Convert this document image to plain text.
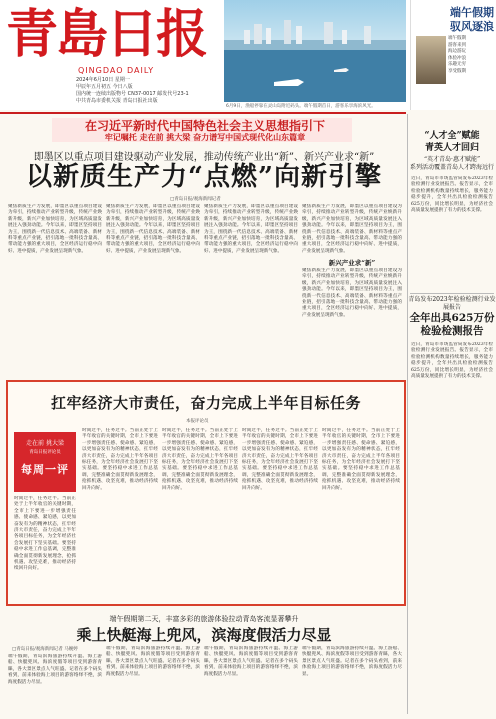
青島日报
QINGDAO DAILY
2024年6月10日 星期一
甲辰年五月初五 今日八版
国内统一连续出版物号 CN37-0017 邮发代号23-1
中共青岛市委机关报 青岛日报社出版
6月9日，渔船停靠在灵山岛附近码头。端午假期首日，游客乐享海滨风光。
端午假期
驭风逐浪
端午假期
游客来到
海边游玩
体验冲浪
乐趣无穷
享受假期
在习近平新时代中国特色社会主义思想指引下
牢记嘱托 走在前 挑大梁 奋力谱写中国式现代化山东篇章
即墨区以重点项目建设驱动产业发展，推动传统产业出“新”、新兴产业求“新”
以新质生产力“点燃”向新引擎
□青岛日报/观海新闻记者
聚焦新质生产力发展，即墨区以重点项目建设为牵引，持续推动产业转型升级，传统产业焕新升级，新兴产业加快培育，为区域高质量发展注入强劲动能。今年以来，即墨区坚持项目为王，围绕新一代信息技术、高端装备、新材料等重点产业链，招引落地一批科技含量高、带动能力强的重大项目，全区经济运行稳中向好、进中提质，产业发展呈现新气象。
聚焦新质生产力发展，即墨区以重点项目建设为牵引，持续推动产业转型升级，传统产业焕新升级，新兴产业加快培育，为区域高质量发展注入强劲动能。今年以来，即墨区坚持项目为王，围绕新一代信息技术、高端装备、新材料等重点产业链，招引落地一批科技含量高、带动能力强的重大项目，全区经济运行稳中向好、进中提质，产业发展呈现新气象。
聚焦新质生产力发展，即墨区以重点项目建设为牵引，持续推动产业转型升级，传统产业焕新升级，新兴产业加快培育，为区域高质量发展注入强劲动能。今年以来，即墨区坚持项目为王，围绕新一代信息技术、高端装备、新材料等重点产业链，招引落地一批科技含量高、带动能力强的重大项目，全区经济运行稳中向好、进中提质，产业发展呈现新气象。
新兴产业求“新”
聚焦新质生产力发展，即墨区以重点项目建设为牵引，持续推动产业转型升级，传统产业焕新升级，新兴产业加快培育，为区域高质量发展注入强劲动能。今年以来，即墨区坚持项目为王，围绕新一代信息技术、高端装备、新材料等重点产业链，招引落地一批科技含量高、带动能力强的重大项目，全区经济运行稳中向好、进中提质，产业发展呈现新气象。
聚焦新质生产力发展，即墨区以重点项目建设为牵引，持续推动产业转型升级，传统产业焕新升级，新兴产业加快培育，为区域高质量发展注入强劲动能。今年以来，即墨区坚持项目为王，围绕新一代信息技术、高端装备、新材料等重点产业链，招引落地一批科技含量高、带动能力强的重大项目，全区经济运行稳中向好、进中提质，产业发展呈现新气象。
“人才全”赋能
青英人才回归
“英才青岛·惠才赋能”
系列活动覆盖青岛人才跨海远行
近日，青岛市市场监管局发布2023年检验检测行业发展报告。报告显示，全市检验检测机构数量持续增长，服务能力稳步提升，全年共出具检验检测报告625万份，同比增长明显，为经济社会高质量发展提供了有力的技术支撑。
青岛发布2023年检验检测行业发展报告
全年出具625万份
检验检测报告
近日，青岛市市场监管局发布2023年检验检测行业发展报告。报告显示，全市检验检测机构数量持续增长，服务能力稳步提升，全年共出具检验检测报告625万份，同比增长明显，为经济社会高质量发展提供了有力的技术支撑。
扛牢经济大市责任，奋力完成上半年目标任务
本报评论员
走在前 挑大梁
青岛日报评论员
每周一评
时间过半，任务过半。当前正处于上半年收官的关键时期，全市上下要进一步增强责任感、使命感、紧迫感，以更加奋发有为的精神状态，扛牢经济大市责任，奋力完成上半年各项目标任务，为全年经济社会发展打下坚实基础。要坚持稳中求进工作总基调，完整准确全面贯彻新发展理念，抢抓机遇、攻坚克难，推动经济持续回升向好。
时间过半，任务过半。当前正处于上半年收官的关键时期，全市上下要进一步增强责任感、使命感、紧迫感，以更加奋发有为的精神状态，扛牢经济大市责任，奋力完成上半年各项目标任务，为全年经济社会发展打下坚实基础。要坚持稳中求进工作总基调，完整准确全面贯彻新发展理念，抢抓机遇、攻坚克难，推动经济持续回升向好。
时间过半，任务过半。当前正处于上半年收官的关键时期，全市上下要进一步增强责任感、使命感、紧迫感，以更加奋发有为的精神状态，扛牢经济大市责任，奋力完成上半年各项目标任务，为全年经济社会发展打下坚实基础。要坚持稳中求进工作总基调，完整准确全面贯彻新发展理念，抢抓机遇、攻坚克难，推动经济持续回升向好。
时间过半，任务过半。当前正处于上半年收官的关键时期，全市上下要进一步增强责任感、使命感、紧迫感，以更加奋发有为的精神状态，扛牢经济大市责任，奋力完成上半年各项目标任务，为全年经济社会发展打下坚实基础。要坚持稳中求进工作总基调，完整准确全面贯彻新发展理念，抢抓机遇、攻坚克难，推动经济持续回升向好。
时间过半，任务过半。当前正处于上半年收官的关键时期，全市上下要进一步增强责任感、使命感、紧迫感，以更加奋发有为的精神状态，扛牢经济大市责任，奋力完成上半年各项目标任务，为全年经济社会发展打下坚实基础。要坚持稳中求进工作总基调，完整准确全面贯彻新发展理念，抢抓机遇、攻坚克难，推动经济持续回升向好。
端午假期第二天，丰富多彩的旅游体验拉动青岛客流显著攀升
乘上快艇海上兜风，滨海度假活力尽显
□青岛日报/观海新闻记者 马婉婷
端午假期，青岛滨海旅游持续升温。海上游船、快艇兜风、海滨度假等项目受到游客青睐，各大景区景点人气旺盛。记者在多个码头看到，前来体验海上项目的游客络绎不绝，滨海度假活力尽显。
端午假期，青岛滨海旅游持续升温。海上游船、快艇兜风、海滨度假等项目受到游客青睐，各大景区景点人气旺盛。记者在多个码头看到，前来体验海上项目的游客络绎不绝，滨海度假活力尽显。
端午假期，青岛滨海旅游持续升温。海上游船、快艇兜风、海滨度假等项目受到游客青睐，各大景区景点人气旺盛。记者在多个码头看到，前来体验海上项目的游客络绎不绝，滨海度假活力尽显。
端午假期，青岛滨海旅游持续升温。海上游船、快艇兜风、海滨度假等项目受到游客青睐，各大景区景点人气旺盛。记者在多个码头看到，前来体验海上项目的游客络绎不绝，滨海度假活力尽显。
